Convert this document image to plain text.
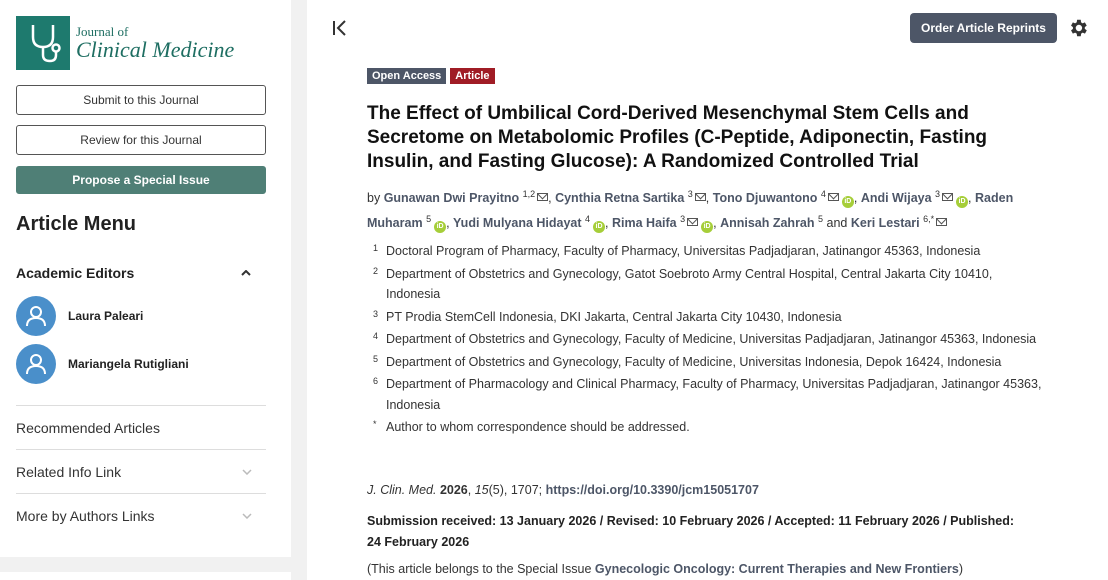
Journal of
Clinical Medicine
Submit to this Journal
Review for this Journal
Propose a Special Issue
Article Menu
Academic Editors
Laura Paleari
Mariangela Rutigliani
Recommended Articles
Related Info Link
More by Authors Links
Order Article Reprints
Open Access	Article
The Effect of Umbilical Cord-Derived Mesenchymal Stem Cells and Secretome on Metabolomic Profiles (C-Peptide, Adiponectin, Fasting Insulin, and Fasting Glucose): A Randomized Controlled Trial
by Gunawan Dwi Prayitno $^{1,2}$ , Cynthia Retna Sartika $^3$ , Tono Djuwantono $^4$iD , Andi Wijaya $^3$iD , Raden Muharam $^5$iD , Yudi Mulyana Hidayat $^4$iD , Rima Haifa $^3$iD , Annisah Zahrah $^5$ and Keri Lestari $^{6,*}$
1 Doctoral Program of Pharmacy, Faculty of Pharmacy, Universitas Padjadjaran, Jatinangor 45363, Indonesia
2 Department of Obstetrics and Gynecology, Gatot Soebroto Army Central Hospital, Central Jakarta City 10410, Indonesia
3 PT Prodia StemCell Indonesia, DKI Jakarta, Central Jakarta City 10430, Indonesia
4 Department of Obstetrics and Gynecology, Faculty of Medicine, Universitas Padjadjaran, Jatinangor 45363, Indonesia
5 Department of Obstetrics and Gynecology, Faculty of Medicine, Universitas Indonesia, Depok 16424, Indonesia
6 Department of Pharmacology and Clinical Pharmacy, Faculty of Pharmacy, Universitas Padjadjaran, Jatinangor 45363, Indonesia
* Author to whom correspondence should be addressed.
J. Clin. Med. 2026, 15(5), 1707; https://doi.org/10.3390/jcm15051707
Submission received: 13 January 2026 / Revised: 10 February 2026 / Accepted: 11 February 2026 / Published: 24 February 2026
(This article belongs to the Special Issue Gynecologic Oncology: Current Therapies and New Frontiers)
